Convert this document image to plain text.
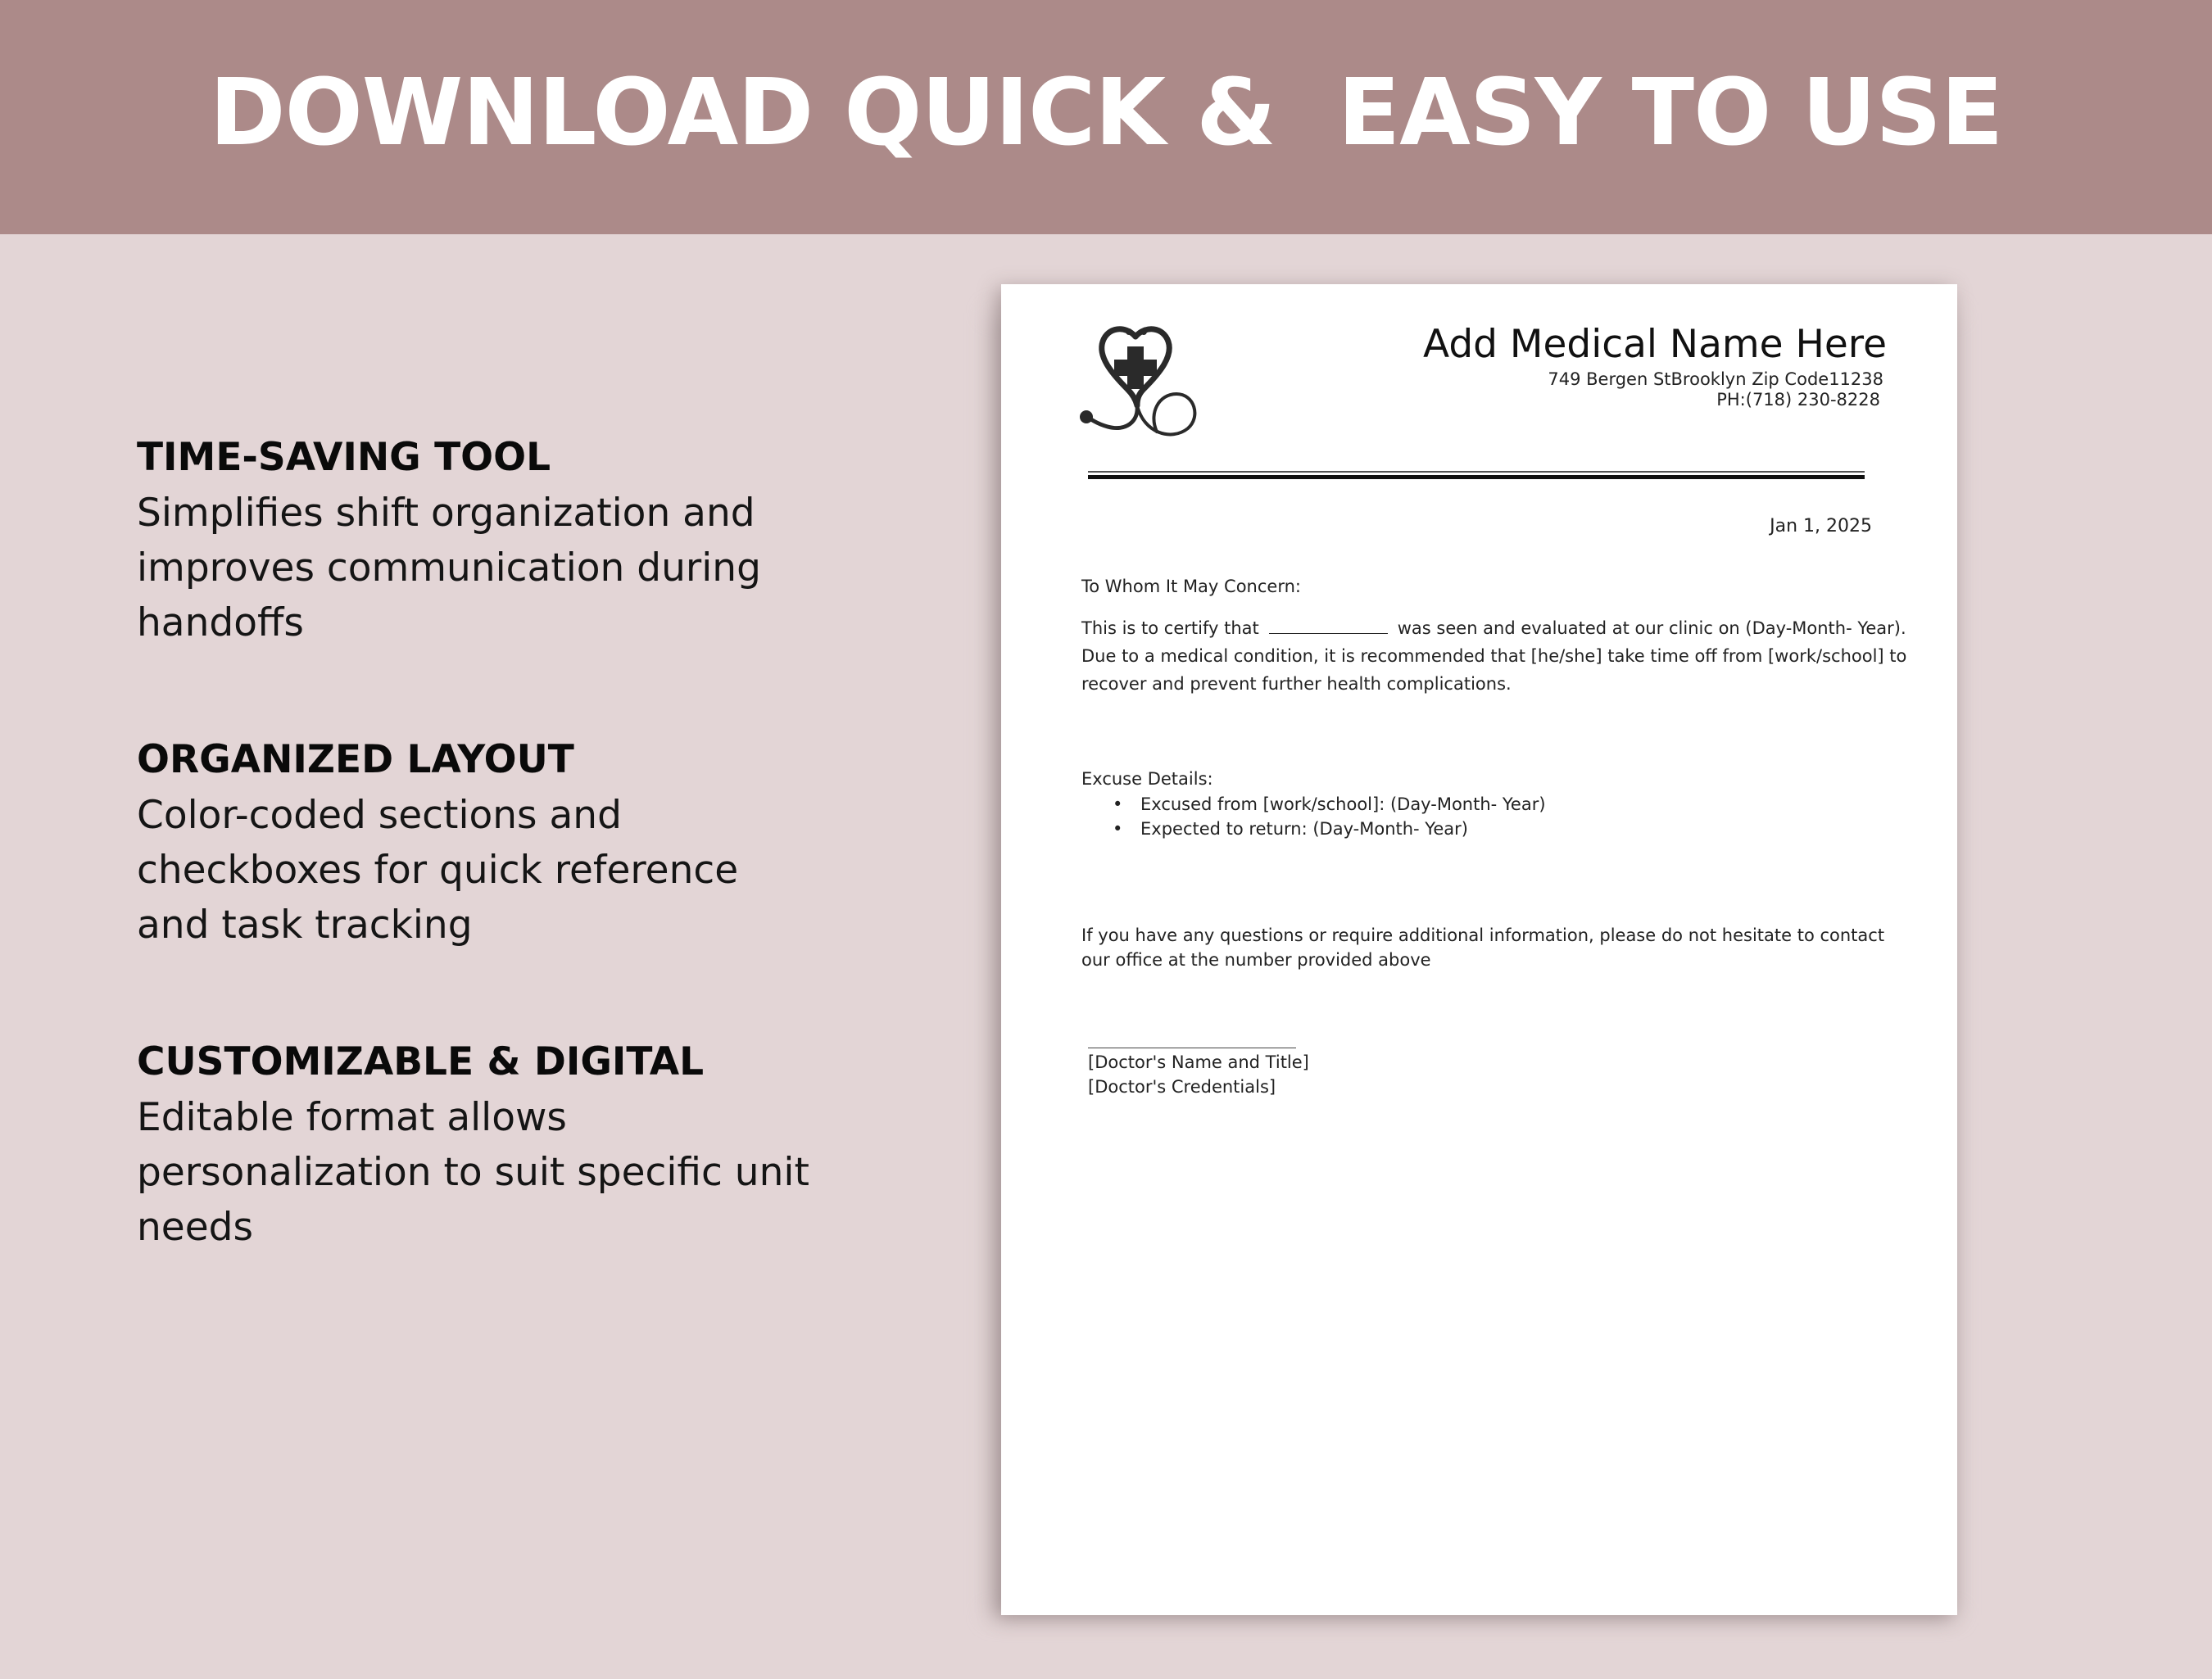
DOWNLOAD QUICK &  EASY TO USE
TIME-SAVING TOOL
Simplifies shift organization and improves communication during handoffs
ORGANIZED LAYOUT
Color-coded sections and checkboxes for quick reference and task tracking
CUSTOMIZABLE & DIGITAL
Editable format allows personalization to suit specific unit needs
Add Medical Name Here
749 Bergen StBrooklyn Zip Code11238
PH:(718) 230-8228
Jan 1, 2025
To Whom It May Concern:
This is to certify that	was seen and evaluated at our clinic on (Day-Month- Year). Due to a medical condition, it is recommended that [he/she] take time off from [work/school] to recover and prevent further health complications.
Excuse Details:
• Excused from [work/school]: (Day-Month- Year)
• Expected to return: (Day-Month- Year)
If you have any questions or require additional information, please do not hesitate to contact our office at the number provided above
[Doctor's Name and Title]
[Doctor's Credentials]
